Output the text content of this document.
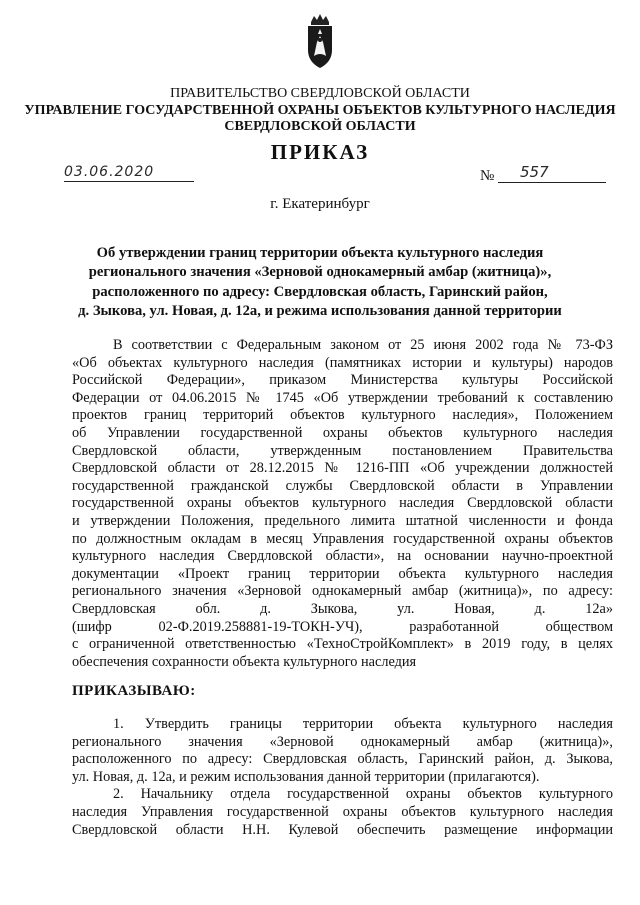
ПРАВИТЕЛЬСТВО СВЕРДЛОВСКОЙ ОБЛАСТИ
УПРАВЛЕНИЕ ГОСУДАРСТВЕННОЙ ОХРАНЫ ОБЪЕКТОВ КУЛЬТУРНОГО НАСЛЕДИЯ
СВЕРДЛОВСКОЙ ОБЛАСТИ
ПРИКАЗ
03.06.2020	№	557
г. Екатеринбург
Об утверждении границ территории объекта культурного наследия
регионального значения «Зерновой однокамерный амбар (житница)»,
расположенного по адресу: Свердловская область, Гаринский район,
д. Зыкова, ул. Новая, д. 12а, и режима использования данной территории
В соответствии с Федеральным законом от 25 июня 2002 года № 73-ФЗ
«Об объектах культурного наследия (памятниках истории и культуры) народов
Российской Федерации», приказом Министерства культуры Российской
Федерации от 04.06.2015 № 1745 «Об утверждении требований к составлению
проектов границ территорий объектов культурного наследия», Положением
об Управлении государственной охраны объектов культурного наследия
Свердловской области, утвержденным постановлением Правительства
Свердловской области от 28.12.2015 № 1216-ПП «Об учреждении должностей
государственной гражданской службы Свердловской области в Управлении
государственной охраны объектов культурного наследия Свердловской области
и утверждении Положения, предельного лимита штатной численности и фонда
по должностным окладам в месяц Управления государственной охраны объектов
культурного наследия Свердловской области», на основании научно-проектной
документации «Проект границ территории объекта культурного наследия
регионального значения «Зерновой однокамерный амбар (житница)», по адресу:
Свердловская обл. д. Зыкова, ул. Новая, д. 12а»
(шифр 02-Ф.2019.258881-19-ТОКН-УЧ), разработанной обществом
с ограниченной ответственностью «ТехноСтройКомплект» в 2019 году, в целях
обеспечения сохранности объекта культурного наследия
ПРИКАЗЫВАЮ:
1. Утвердить границы территории объекта культурного наследия
регионального значения «Зерновой однокамерный амбар (житница)»,
расположенного по адресу: Свердловская область, Гаринский район, д. Зыкова,
ул. Новая, д. 12а, и режим использования данной территории (прилагаются).
2. Начальнику отдела государственной охраны объектов культурного
наследия Управления государственной охраны объектов культурного наследия
Свердловской области Н.Н. Кулевой обеспечить размещение информации
